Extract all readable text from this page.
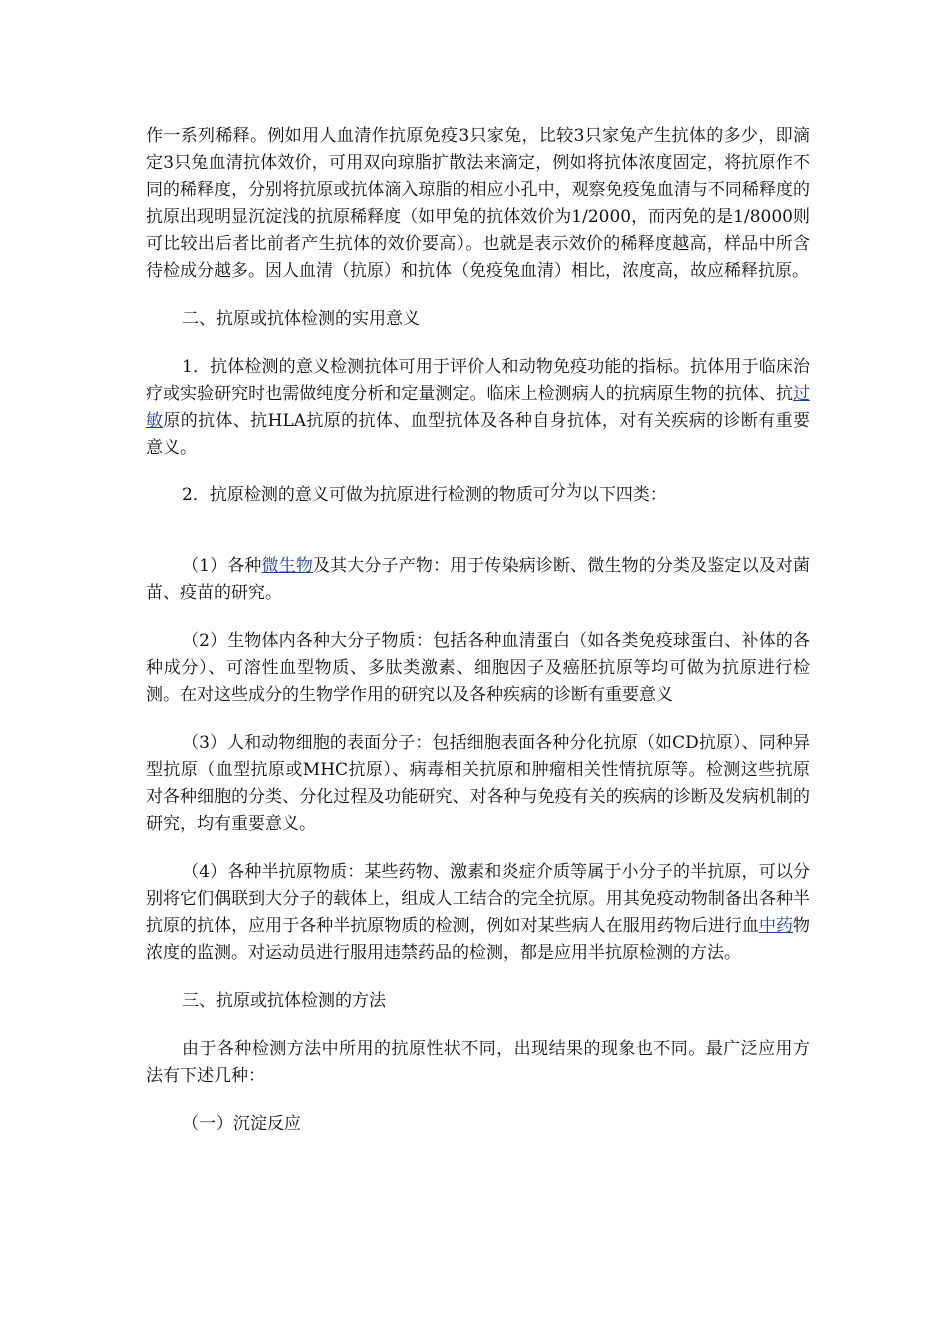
作一系列稀释。例如用人血清作抗原免疫3只家兔，比较3只家兔产生抗体的多少，即滴定3只兔血清抗体效价，可用双向琼脂扩散法来滴定，例如将抗体浓度固定，将抗原作不同的稀释度，分别将抗原或抗体滴入琼脂的相应小孔中，观察免疫兔血清与不同稀释度的抗原出现明显沉淀浅的抗原稀释度（如甲兔的抗体效价为1/2000，而丙免的是1/8000则可比较出后者比前者产生抗体的效价要高）。也就是表示效价的稀释度越高，样品中所含待检成分越多。因人血清（抗原）和抗体（免疫兔血清）相比，浓度高，故应稀释抗原。

二、抗原或抗体检测的实用意义

1．抗体检测的意义检测抗体可用于评价人和动物免疫功能的指标。抗体用于临床治疗或实验研究时也需做纯度分析和定量测定。临床上检测病人的抗病原生物的抗体、抗过敏原的抗体、抗HLA抗原的抗体、血型抗体及各种自身抗体，对有关疾病的诊断有重要意义。

2．抗原检测的意义可做为抗原进行检测的物质可分为以下四类：

（1）各种微生物及其大分子产物：用于传染病诊断、微生物的分类及鉴定以及对菌苗、疫苗的研究。

（2）生物体内各种大分子物质：包括各种血清蛋白（如各类免疫球蛋白、补体的各种成分）、可溶性血型物质、多肽类激素、细胞因子及癌胚抗原等均可做为抗原进行检测。在对这些成分的生物学作用的研究以及各种疾病的诊断有重要意义

（3）人和动物细胞的表面分子：包括细胞表面各种分化抗原（如CD抗原）、同种异型抗原（血型抗原或MHC抗原）、病毒相关抗原和肿瘤相关性情抗原等。检测这些抗原对各种细胞的分类、分化过程及功能研究、对各种与免疫有关的疾病的诊断及发病机制的研究，均有重要意义。

（4）各种半抗原物质：某些药物、激素和炎症介质等属于小分子的半抗原，可以分别将它们偶联到大分子的载体上，组成人工结合的完全抗原。用其免疫动物制备出各种半抗原的抗体，应用于各种半抗原物质的检测，例如对某些病人在服用药物后进行血中药物浓度的监测。对运动员进行服用违禁药品的检测，都是应用半抗原检测的方法。

三、抗原或抗体检测的方法

由于各种检测方法中所用的抗原性状不同，出现结果的现象也不同。最广泛应用方法有下述几种：

（一）沉淀反应
